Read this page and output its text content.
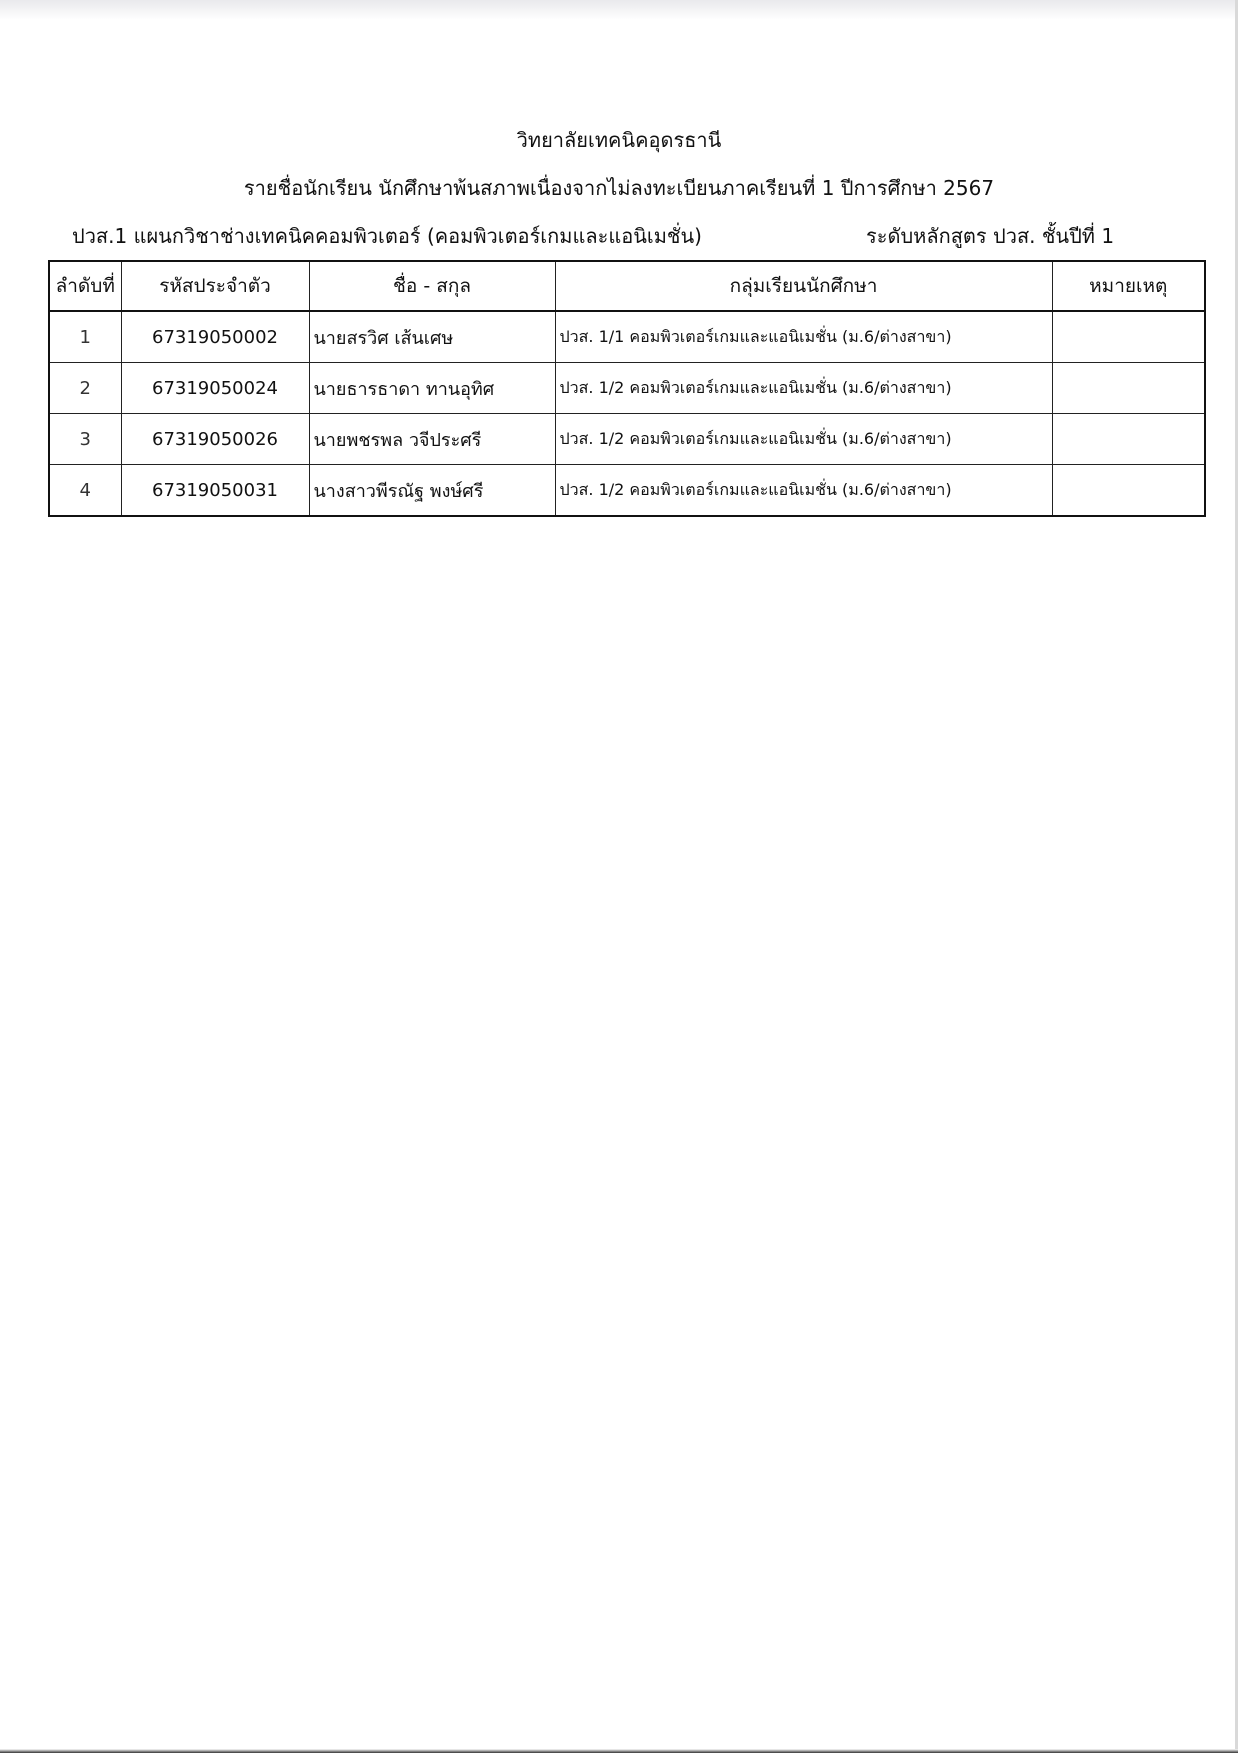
วิทยาลัยเทคนิคอุดรธานี
รายชื่อนักเรียน นักศึกษาพ้นสภาพเนื่องจากไม่ลงทะเบียนภาคเรียนที่ 1 ปีการศึกษา 2567
ปวส.1 แผนกวิชาช่างเทคนิคคอมพิวเตอร์ (คอมพิวเตอร์เกมและแอนิเมชั่น)	ระดับหลักสูตร ปวส. ชั้นปีที่ 1
ลำดับที่	รหัสประจำตัว	ชื่อ - สกุล	กลุ่มเรียนนักศึกษา	หมายเหตุ
1	67319050002	นายสรวิศ เส้นเศษ	ปวส. 1/1 คอมพิวเตอร์เกมและแอนิเมชั่น (ม.6/ต่างสาขา)	
2	67319050024	นายธารธาดา ทานอุทิศ	ปวส. 1/2 คอมพิวเตอร์เกมและแอนิเมชั่น (ม.6/ต่างสาขา)	
3	67319050026	นายพชรพล วจีประศรี	ปวส. 1/2 คอมพิวเตอร์เกมและแอนิเมชั่น (ม.6/ต่างสาขา)	
4	67319050031	นางสาวพีรณัฐ พงษ์ศรี	ปวส. 1/2 คอมพิวเตอร์เกมและแอนิเมชั่น (ม.6/ต่างสาขา)	
